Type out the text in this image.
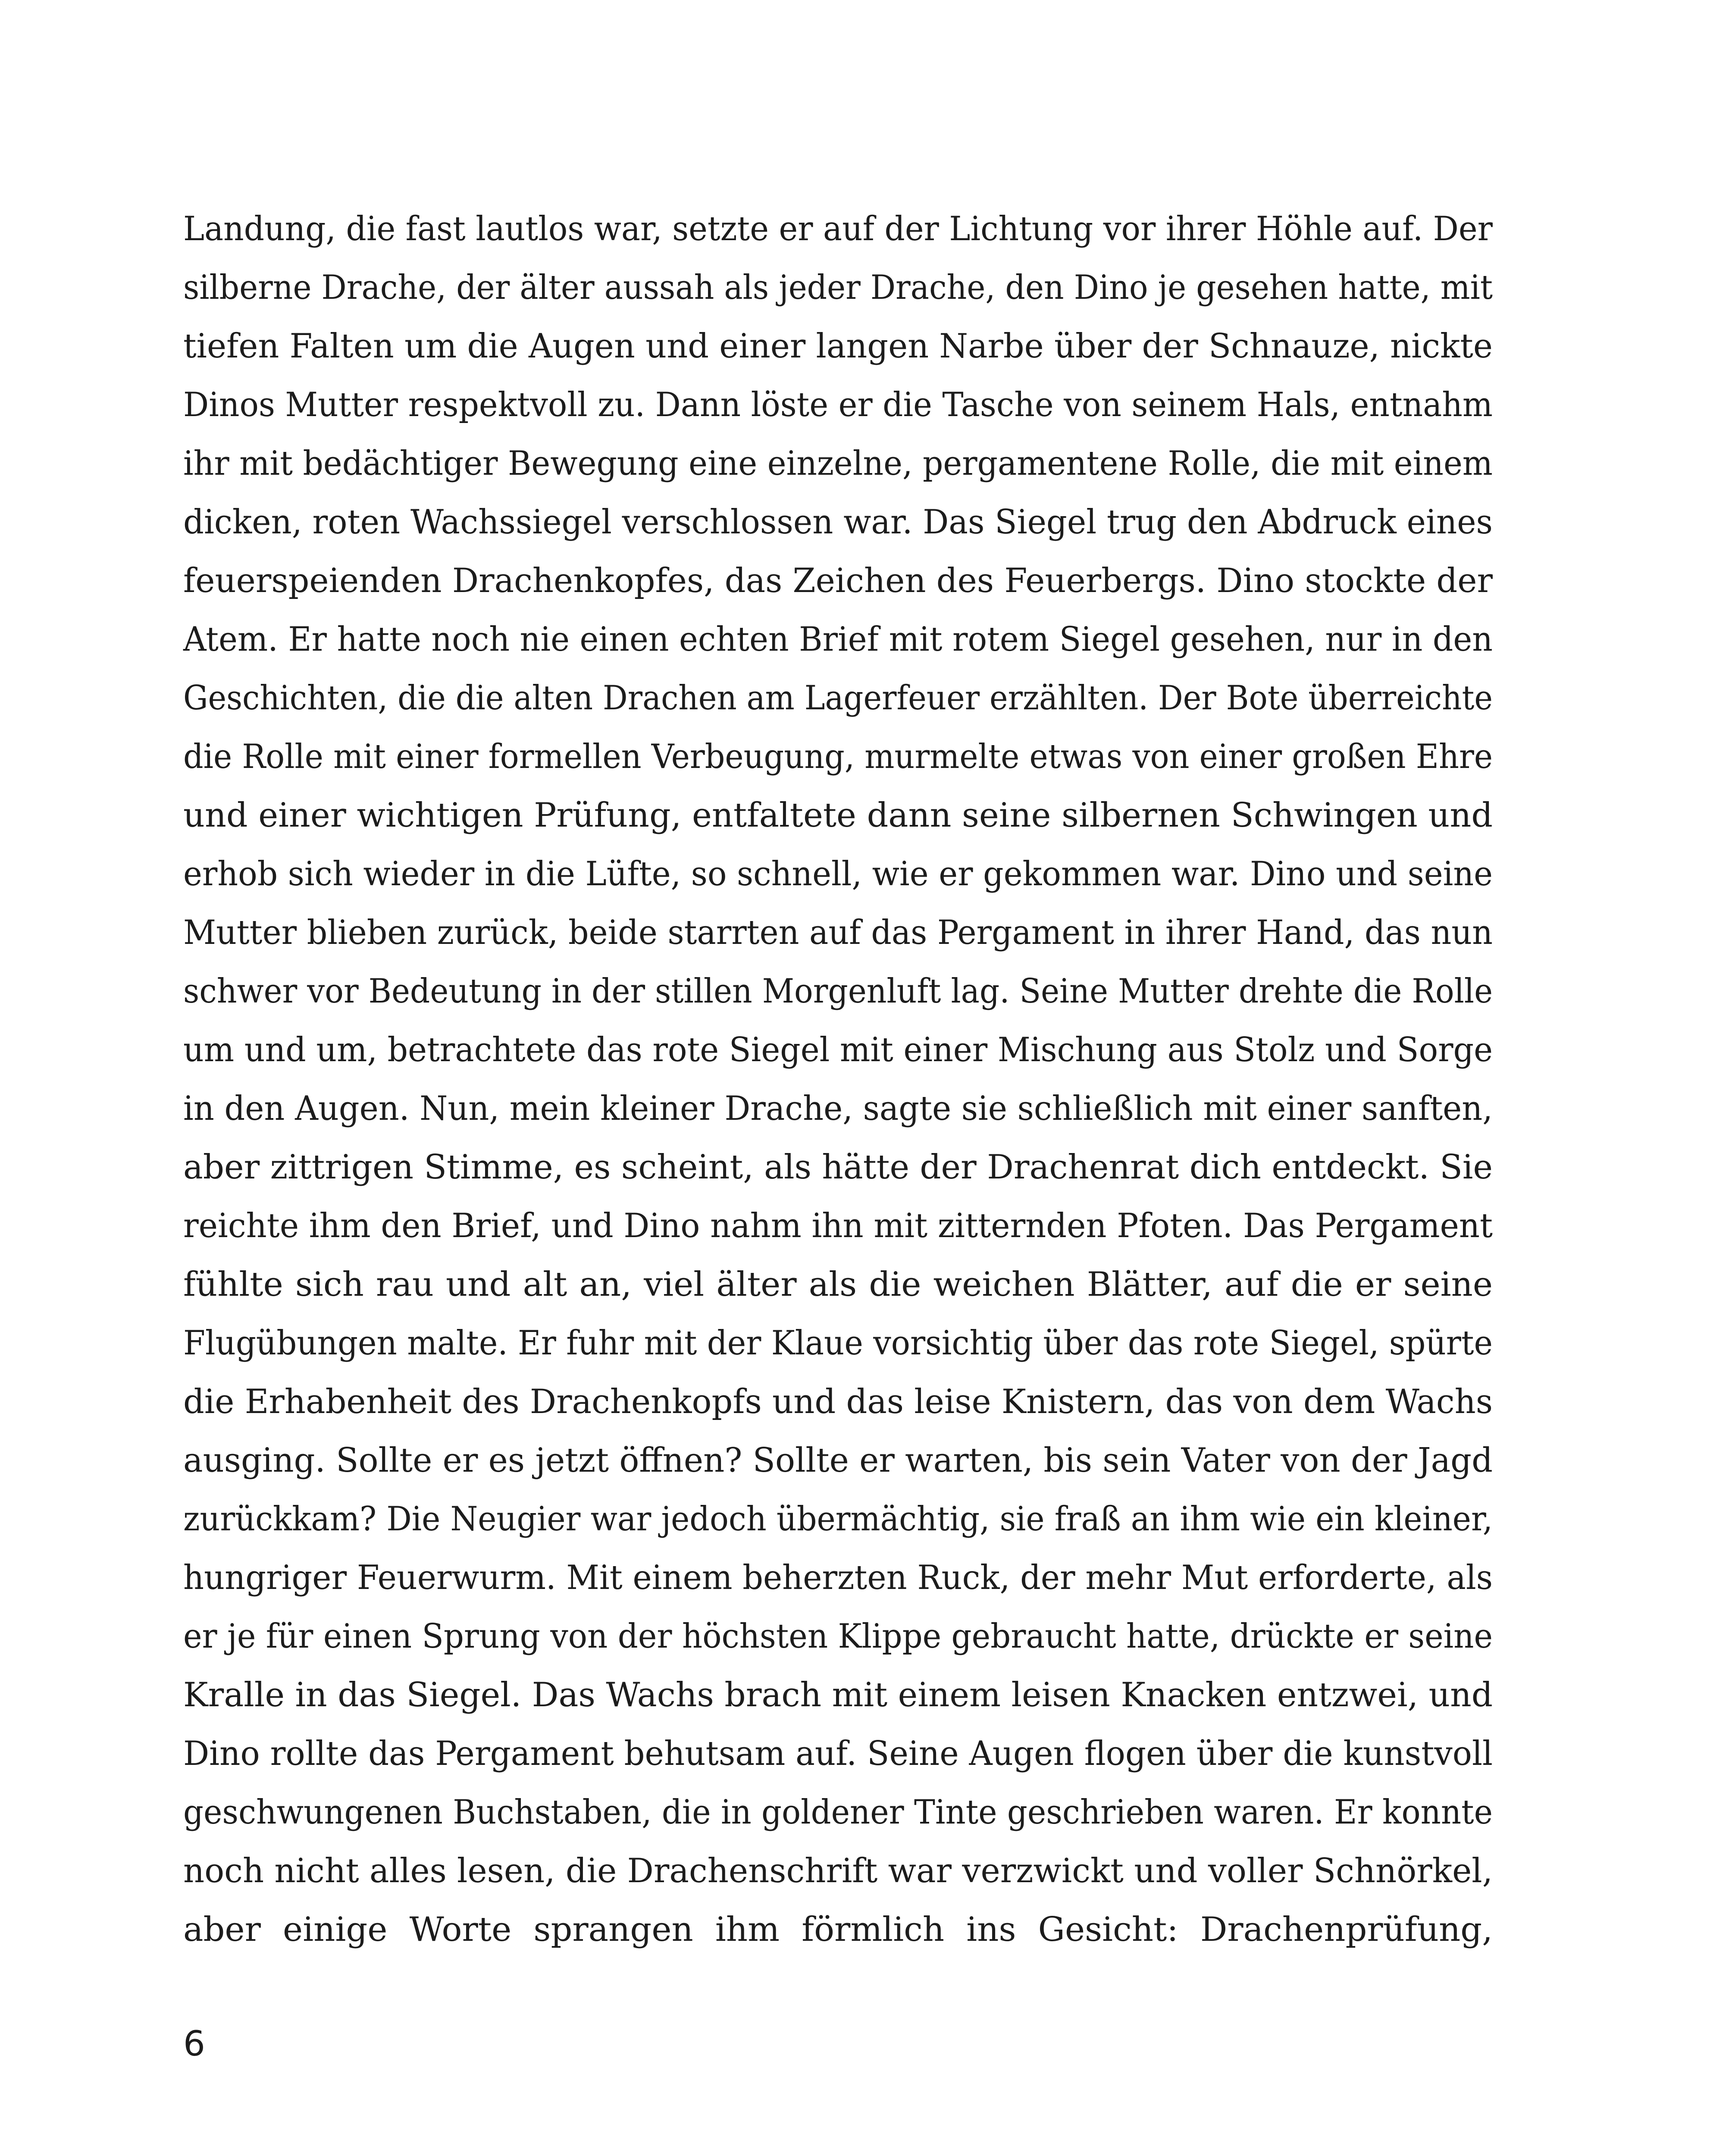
Landung, die fast lautlos war, setzte er auf der Lichtung vor ihrer Höhle auf. Der
silberne Drache, der älter aussah als jeder Drache, den Dino je gesehen hatte, mit
tiefen Falten um die Augen und einer langen Narbe über der Schnauze, nickte
Dinos Mutter respektvoll zu. Dann löste er die Tasche von seinem Hals, entnahm
ihr mit bedächtiger Bewegung eine einzelne, pergamentene Rolle, die mit einem
dicken, roten Wachssiegel verschlossen war. Das Siegel trug den Abdruck eines
feuerspeienden Drachenkopfes, das Zeichen des Feuerbergs. Dino stockte der
Atem. Er hatte noch nie einen echten Brief mit rotem Siegel gesehen, nur in den
Geschichten, die die alten Drachen am Lagerfeuer erzählten. Der Bote überreichte
die Rolle mit einer formellen Verbeugung, murmelte etwas von einer großen Ehre
und einer wichtigen Prüfung, entfaltete dann seine silbernen Schwingen und
erhob sich wieder in die Lüfte, so schnell, wie er gekommen war. Dino und seine
Mutter blieben zurück, beide starrten auf das Pergament in ihrer Hand, das nun
schwer vor Bedeutung in der stillen Morgenluft lag. Seine Mutter drehte die Rolle
um und um, betrachtete das rote Siegel mit einer Mischung aus Stolz und Sorge
in den Augen. Nun, mein kleiner Drache, sagte sie schließlich mit einer sanften,
aber zittrigen Stimme, es scheint, als hätte der Drachenrat dich entdeckt. Sie
reichte ihm den Brief, und Dino nahm ihn mit zitternden Pfoten. Das Pergament
fühlte sich rau und alt an, viel älter als die weichen Blätter, auf die er seine
Flugübungen malte. Er fuhr mit der Klaue vorsichtig über das rote Siegel, spürte
die Erhabenheit des Drachenkopfs und das leise Knistern, das von dem Wachs
ausging. Sollte er es jetzt öffnen? Sollte er warten, bis sein Vater von der Jagd
zurückkam? Die Neugier war jedoch übermächtig, sie fraß an ihm wie ein kleiner,
hungriger Feuerwurm. Mit einem beherzten Ruck, der mehr Mut erforderte, als
er je für einen Sprung von der höchsten Klippe gebraucht hatte, drückte er seine
Kralle in das Siegel. Das Wachs brach mit einem leisen Knacken entzwei, und
Dino rollte das Pergament behutsam auf. Seine Augen flogen über die kunstvoll
geschwungenen Buchstaben, die in goldener Tinte geschrieben waren. Er konnte
noch nicht alles lesen, die Drachenschrift war verzwickt und voller Schnörkel,
aber einige Worte sprangen ihm förmlich ins Gesicht: Drachenprüfung,
6
